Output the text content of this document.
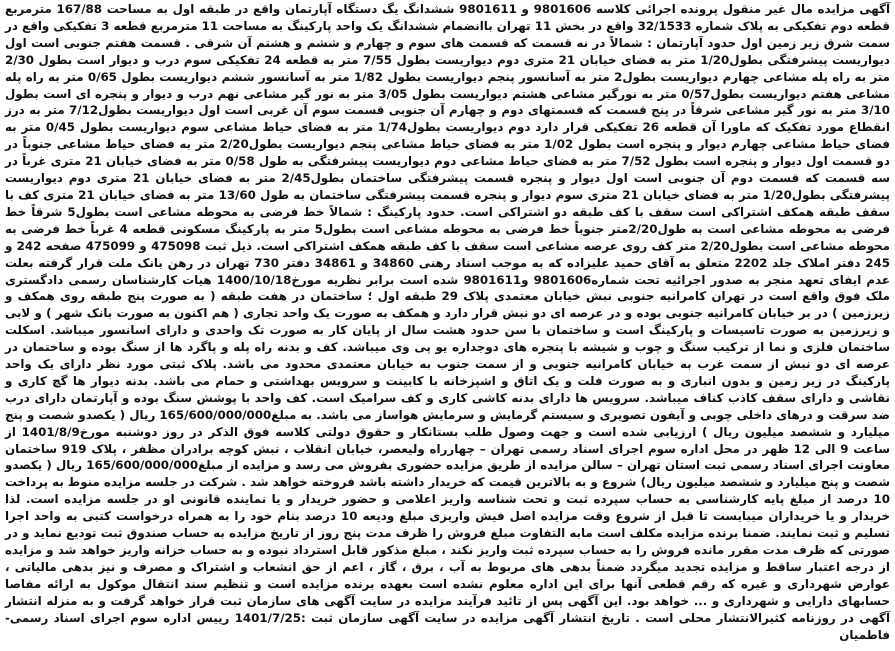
آگهی مزایده مال غیر منقول پرونده اجرائی کلاسه 9801606 و 9801611 ششدانگ یگ دستگاه آپارتمان واقع در طبقه اول به مساحت 167/88 مترمربع قطعه دوم تفکیکی به پلاک شماره 32/1533 واقع در بخش 11 تهران باانضمام ششدانگ یک واحد پارکینگ به مساحت 11 مترمربع قطعه 3 تفکیکی واقع در سمت شرق زیر زمین اول حدود آپارتمان : شمالاً در نه قسمت که قسمت های سوم و چهارم و ششم و هشتم آن شرقی . قسمت هفتم جنوبی است اول دیواریست پیشرفتگی بطول1/20 متر به فضای خیابان 21 متری دوم دیواریست بطول 7/55 متر به قطعه 24 تفکیکی سوم درب و دیوار است بطول 2/30 متر به راه پله مشاعی چهارم دیواریست بطول2 متر به آسانسور پنجم دیواریست بطول 1/82 متر به آسانسور ششم دیواریست بطول 0/65 متر به راه پله مشاعی هفتم دیواریست بطول0/57 متر به نورگیر مشاعی هشتم دیواریست بطول 3/05 متر به نور گیر مشاعی نهم درب و دیوار و پنجره ای است بطول 3/10 متر به نور گیر مشاعی شرقاً در پنج قسمت که قسمتهای دوم و چهارم آن جنوبی قسمت سوم آن غربی است اول دیواریست بطول7/12 متر به درز انقطاع مورد تفکیک که ماورا آن قطعه 26 تفکیکی قرار دارد دوم دیواریست بطول1/74 متر به فضای حیاط مشاعی سوم دیواریست بطول 0/45 متر به فضای حیاط مشاعی چهارم دیوار و پنجره است بطول 1/02 متر به فضای حیاط مشاعی پنجم دیواریست بطول2/20 متر به فضای حیاط مشاعی جنوباً در دو قسمت اول دیوار و پنجره است بطول 7/52 متر به فضای حیاط مشاعی دوم دیواریست پیشرفتگی به طول 0/58 متر به فضای خیابان 21 متری غرباً در سه قسمت که قسمت دوم آن جنوبی است اول دیوار و پنجره قسمت پیشرفتگی ساختمان بطول2/45 متر به فضای خیابان 21 متری دوم دیواریست پیشرفتگی بطول1/20 متر به فضای خیابان 21 متری سوم دیوار و پنجره قسمت پیشرفتگی ساختمان به طول 13/60 متر به فضای خیابان 21 متری کف با سقف طبقه همکف اشتراکی است سقف با کف طبقه دو اشتراکی است. حدود پارکینگ : شمالاً خط فرضی به محوطه مشاعی است بطول5 شرقاً خط فرضی به محوطه مشاعی است به طول2/20متر جنوباً خط فرضی به محوطه مشاعی است بطول5 متر به پارکینگ مسکونی قطعه 4 غرباً خط فرضی به محوطه مشاعی است بطول2/20 متر کف روی عرصه مشاعی است سقف با کف طبقه همکف اشتراکی است. ذیل ثبت 475098 و 475099 صفحه 242 و 245 دفتر املاک جلد 2202 متعلق به آقای حمید علیزاده که به موجب اسناد رهنی 34860 و 34861 دفتر 730 تهران در رهن بانک ملت قرار گرفته بعلت عدم ایفای تعهد منجر به صدور اجرائیه تحت شماره9801606 و9801611 شده است برابر نظریه مورخ1400/10/18 هیات کارشناسان رسمی دادگستری ملک فوق واقع است در تهران کامرانیه جنوبی نبش خیابان معتمدی پلاک 29 طبقه اول ؛ ساختمان در هفت طبقه ( به صورت پنج طبقه روی همکف و زیرزمین ) در بر خیابان کامرانیه جنوبی بوده و در عرصه ای دو نبش قرار دارد و همکف به صورت یک واحد تجاری ( هم اکنون به صورت بانک شهر ) و لابی و زیرزمین به صورت تاسیسات و پارکینگ است و ساختمان با سن حدود هشت سال از پایان کار به صورت تک واحدی و دارای اسانسور میباشد. اسکلت ساختمان فلزی و نما از ترکیب سنگ و چوب و شیشه با پنجره های دوجداره یو پی وی میباشد. کف و بدنه راه پله و پاگرد ها از سنگ بوده و ساختمان در عرصه ای دو نبش از سمت غرب به خیابان کامرانیه جنوبی و از سمت جنوب به خیابان معتمدی محدود می باشد. پلاک ثبتی مورد نظر دارای یک واحد پارکینگ در زیر زمین و بدون انباری و به صورت فلت و یک اتاق و اشپزخانه با کابینت و سرویس بهداشتی و حمام می باشد. بدنه دیوار ها گچ کاری و نقاشی و دارای سقف کاذب کناف میباشد. سرویس ها دارای بدنه کاشی کاری و کف سرامیک است. کف واحد با پوشش سنگ بوده و آپارتمان دارای درب ضد سرقت و درهای داخلی چوبی و آیفون تصویری و سیستم گرمایش و سرمایش هواساز می باشد. به مبلغ165/600/000/000 ریال ( یکصدو شصت و پنج میلیارد و ششصد میلیون ریال ) ارزیابی شده است و جهت وصول طلب بستانکار و حقوق دولتی کلاسه فوق الذکر در روز دوشنبه مورخ1401/8/9 از ساعت 9 الی 12 ظهر در محل اداره سوم اجرای اسناد رسمی تهران – چهارراه ولیعصر، خیابان انقلاب ، نبش کوچه برادران مظفر ، پلاک 919 ساختمان معاونت اجرای اسناد رسمی ثبت استان تهران – سالن مزایده از طریق مزایده حضوری بفروش می رسد و مزایده از مبلغ165/600/000/000 ریال ( یکصدو شصت و پنج میلیارد و ششصد میلیون ریال) شروع و به بالاترین قیمت که خریدار داشته باشد فروخته خواهد شد . شرکت در جلسه مزایده منوط به پرداخت 10 درصد از مبلغ پایه کارشناسی به حساب سپرده ثبت و تحت شناسه واریز اعلامی و حضور خریدار و یا نماینده قانونی او در جلسه مزایده است. لذا خریدار و یا خریداران میبایست تا قبل از شروع وقت مزایده اصل فیش واریزی مبلغ ودیعه 10 درصد بنام خود را به همراه درخواست کتبی به واحد اجرا تسلیم و ثبت نمایند. ضمنا برنده مزایده مکلف است مابه التفاوت مبلغ فروش را ظرف مدت پنج روز از تاریخ مزایده به حساب صندوق ثبت تودیع نماید و در صورتی که ظرف مدت مقرر مانده فروش را به حساب سپرده ثبت واریز نکند ، مبلغ مذکور قابل استرداد نبوده و به حساب خزانه واریز خواهد شد و مزایده از درجه اعتبار ساقط و مزایده تجدید میگردد ضمناً بدهی های مربوط به آب ، برق ، گاز ، اعم از حق انشعاب و اشتراک و مصرف و نیز بدهی مالیاتی ، عوارض شهرداری و غیره که رقم قطعی آنها برای این اداره معلوم نشده است بعهده برنده مزایده است و تنظیم سند انتقال موکول به ارائه مفاصا حسابهای دارایی و شهرداری و ... خواهد بود. این آگهی پس از تائید فرآیند مزایده در سایت آگهی های سازمان ثبت قرار خواهد گرفت و به منزله انتشار آگهی در روزنامه کثیرالانتشار محلی است . تاریخ انتشار آگهی مزایده در سایت آگهی سازمان ثبت :1401/7/25 رییس اداره سوم اجرای اسناد رسمی- فاطمیان
